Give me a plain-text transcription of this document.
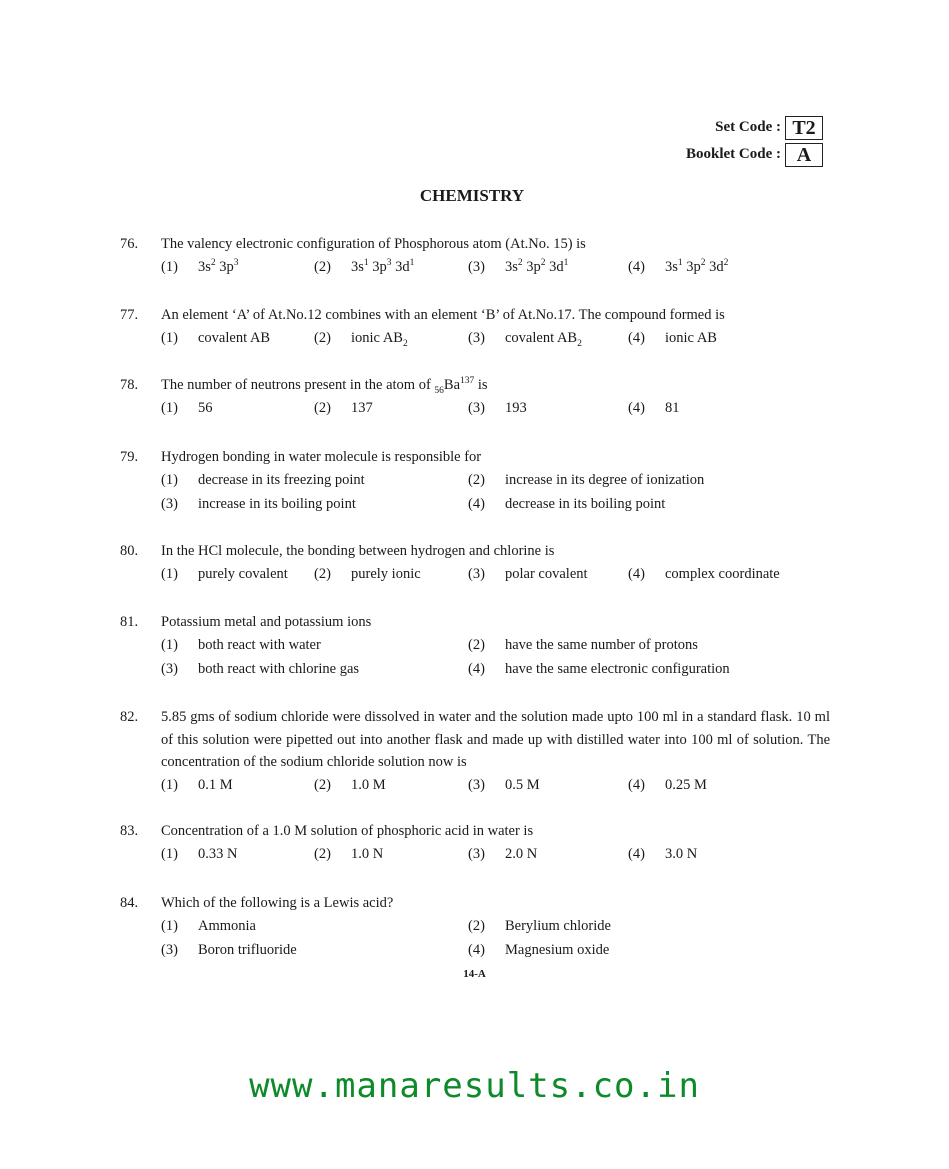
Set Code : T2
Booklet Code : A
CHEMISTRY
76.	The valency electronic configuration of Phosphorous atom (At.No. 15) is
(1) $3s^2$ $3p^3$	(2) $3s^1$ $3p^3$ $3d^1$	(3) $3s^2$ $3p^2$ $3d^1$	(4) $3s^1$ $3p^2$ $3d^2$
77.	An element ‘A’ of At.No.12 combines with an element ‘B’ of At.No.17. The compound formed is
(1) covalent AB	(2) ionic $AB_2$	(3) covalent $AB_2$	(4) ionic AB
78.	The number of neutrons present in the atom of $_{56}Ba^{137}$ is
(1) 56	(2) 137	(3) 193	(4) 81
79.	Hydrogen bonding in water molecule is responsible for
(1) decrease in its freezing point	(2) increase in its degree of ionization
(3) increase in its boiling point	(4) decrease in its boiling point
80.	In the HCl molecule, the bonding between hydrogen and chlorine is
(1) purely covalent (2) purely ionic	(3) polar covalent	(4) complex coordinate
81.	Potassium metal and potassium ions
(1) both react with water	(2) have the same number of protons
(3) both react with chlorine gas	(4) have the same electronic configuration
82.	5.85 gms of sodium chloride were dissolved in water and the solution made upto 100 ml in a standard flask. 10 ml of this solution were pipetted out into another flask and made up with distilled water into 100 ml of solution. The concentration of the sodium chloride solution now is
(1) 0.1 M	(2) 1.0 M	(3) 0.5 M	(4) 0.25 M
83.	Concentration of a 1.0 M solution of phosphoric acid in water is
(1) 0.33 N	(2) 1.0 N	(3) 2.0 N	(4) 3.0 N
84.	Which of the following is a Lewis acid?
(1) Ammonia	(2) Berylium chloride
(3) Boron trifluoride	(4) Magnesium oxide
14-A
www.manaresults.co.in
